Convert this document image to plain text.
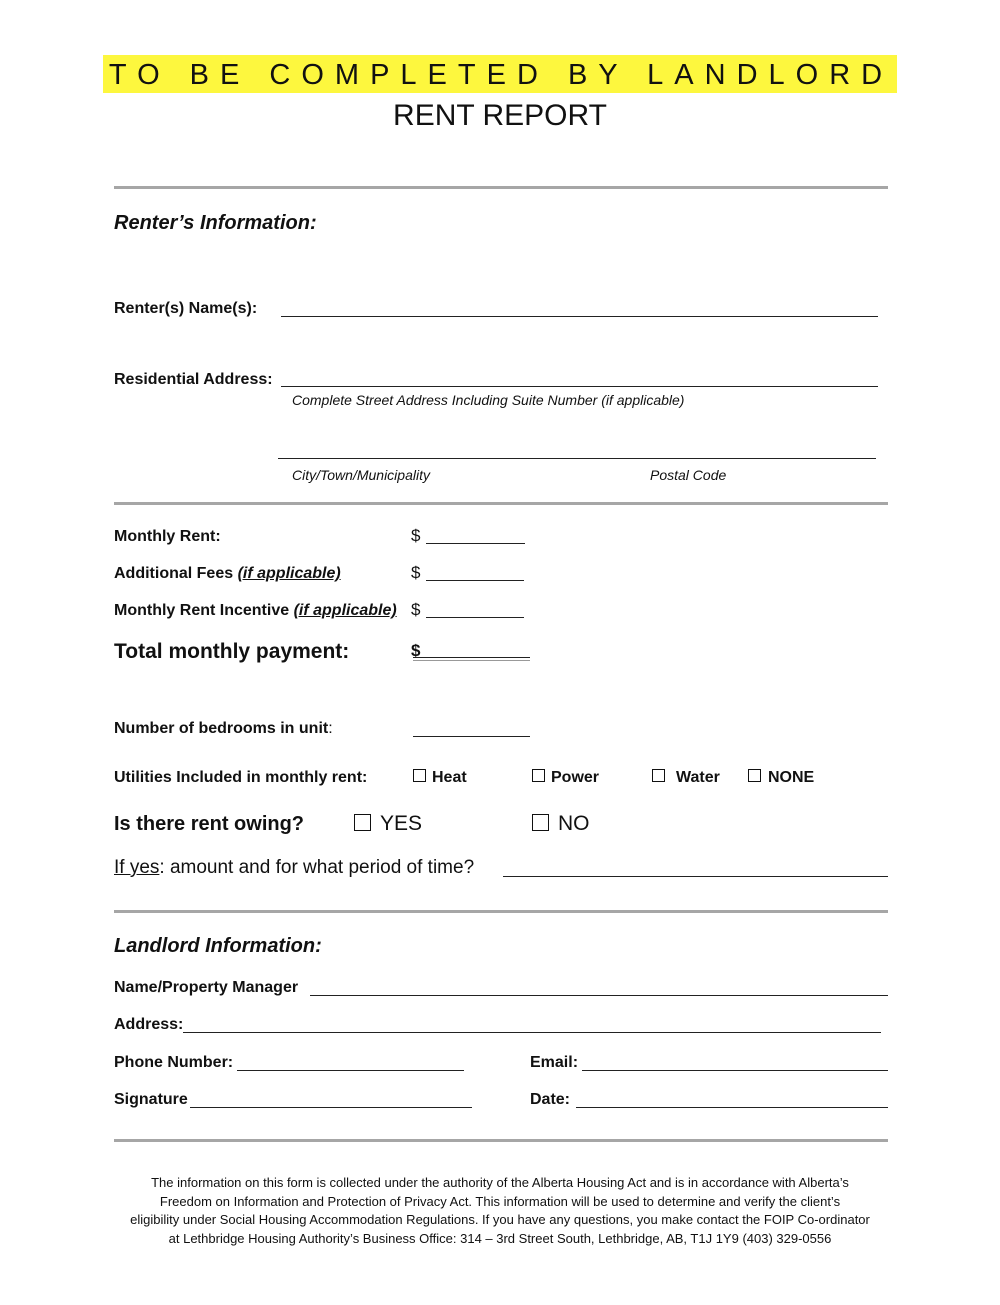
TO BE COMPLETED BY LANDLORD
RENT REPORT
Renter’s Information:
Renter(s) Name(s):
Residential Address:
Complete Street Address Including Suite Number (if applicable)
City/Town/Municipality	Postal Code
Monthly Rent:	$
Additional Fees (if applicable)	$
Monthly Rent Incentive (if applicable) $
Total monthly payment:	$
Number of bedrooms in unit:
Utilities Included in monthly rent:	Heat	Power	Water	NONE
Is there rent owing?	YES	NO
If yes: amount and for what period of time?
Landlord Information:
Name/Property Manager
Address:
Phone Number:	Email:
Signature	Date:
The information on this form is collected under the authority of the Alberta Housing Act and is in accordance with Alberta’s
Freedom on Information and Protection of Privacy Act. This information will be used to determine and verify the client’s
eligibility under Social Housing Accommodation Regulations. If you have any questions, you make contact the FOIP Co-ordinator
at Lethbridge Housing Authority’s Business Office: 314 – 3rd Street South, Lethbridge, AB, T1J 1Y9 (403) 329-0556
